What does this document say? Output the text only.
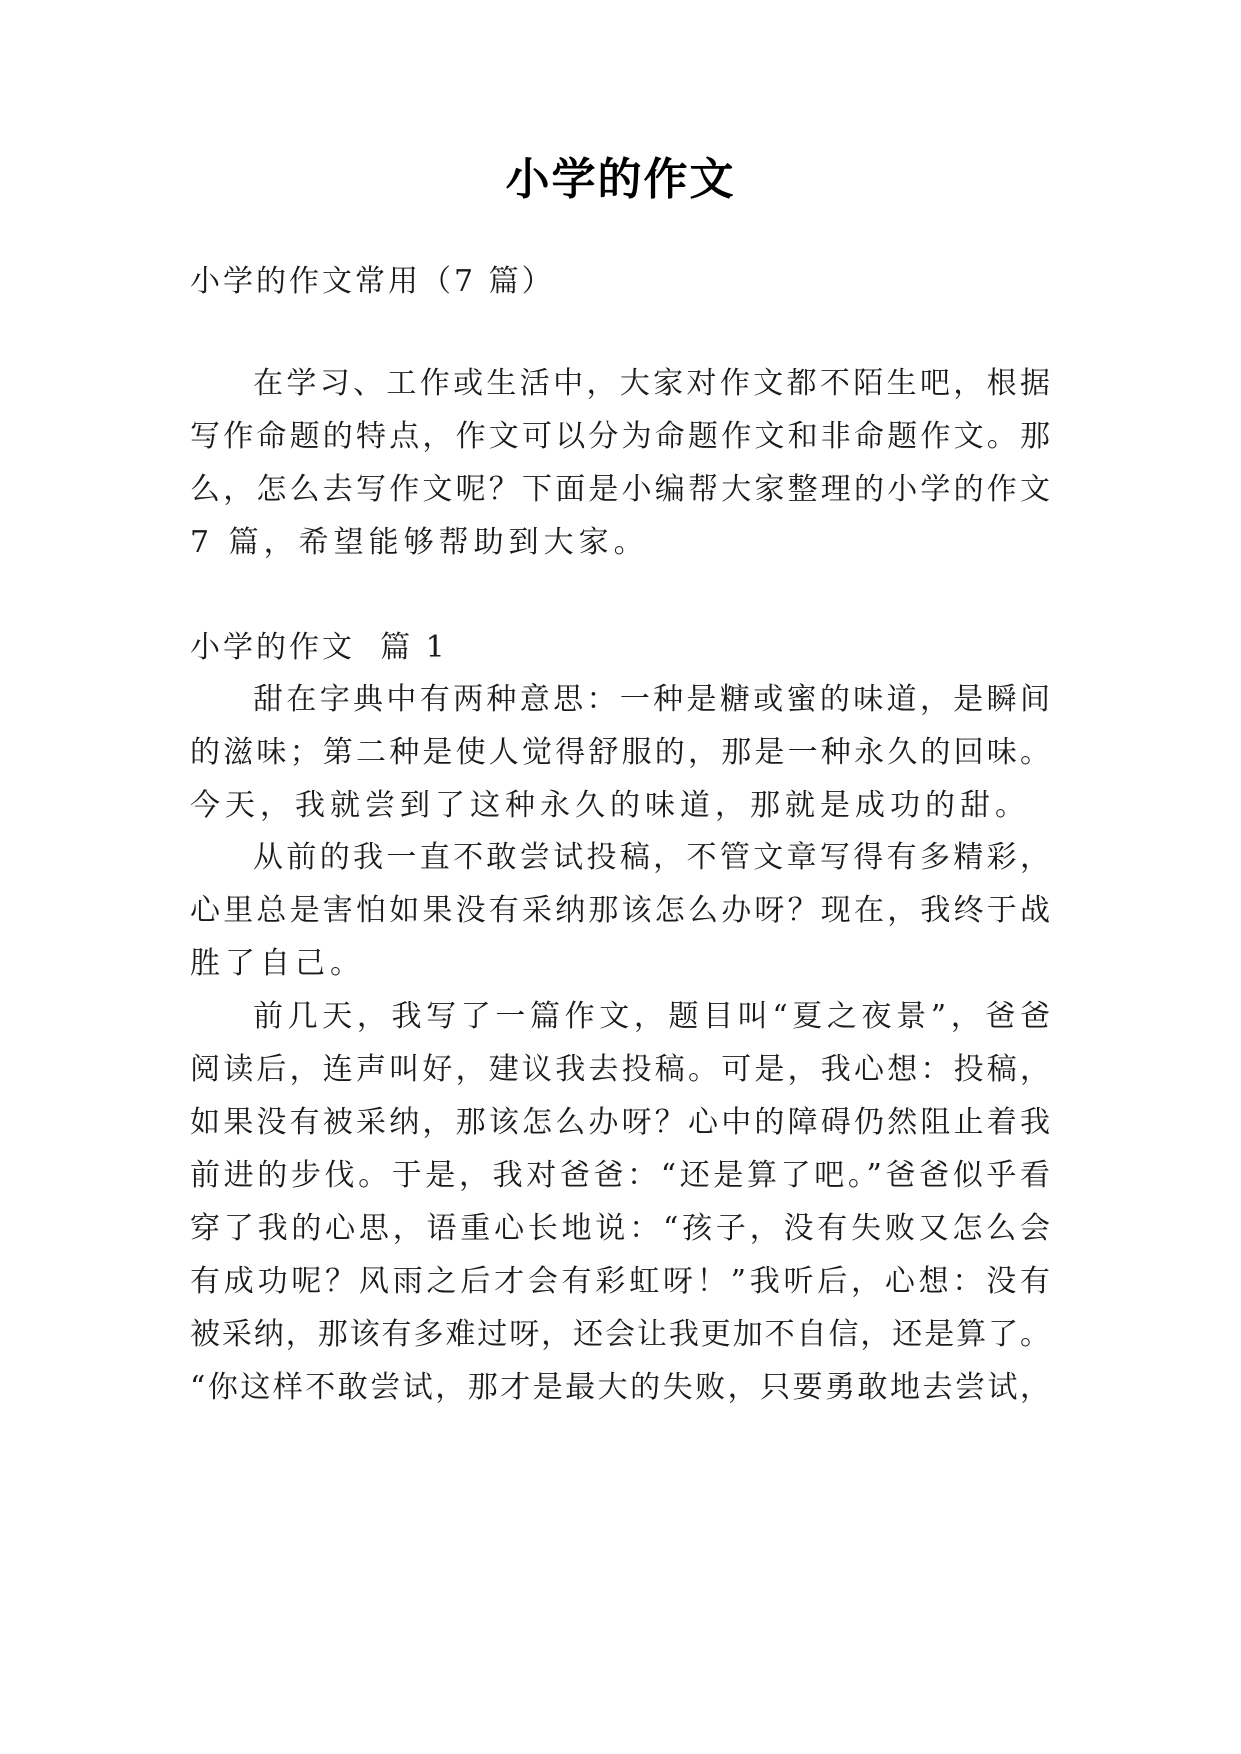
小学的作文
小学的作文常用（7 篇）
在学习、工作或生活中，大家对作文都不陌生吧，根据
写作命题的特点，作文可以分为命题作文和非命题作文。那
么，怎么去写作文呢？下面是小编帮大家整理的小学的作文
7 篇，希望能够帮助到大家。
小学的作文  篇 1
甜在字典中有两种意思：一种是糖或蜜的味道，是瞬间
的滋味；第二种是使人觉得舒服的，那是一种永久的回味。
今天，我就尝到了这种永久的味道，那就是成功的甜。
从前的我一直不敢尝试投稿，不管文章写得有多精彩，
心里总是害怕如果没有采纳那该怎么办呀？现在，我终于战
胜了自己。
前几天，我写了一篇作文，题目叫“夏之夜景”，爸爸
阅读后，连声叫好，建议我去投稿。可是，我心想：投稿，
如果没有被采纳，那该怎么办呀？心中的障碍仍然阻止着我
前进的步伐。于是，我对爸爸：“还是算了吧。”爸爸似乎看
穿了我的心思，语重心长地说：“孩子，没有失败又怎么会
有成功呢？风雨之后才会有彩虹呀！”我听后，心想：没有
被采纳，那该有多难过呀，还会让我更加不自信，还是算了。
“你这样不敢尝试，那才是最大的失败，只要勇敢地去尝试，
